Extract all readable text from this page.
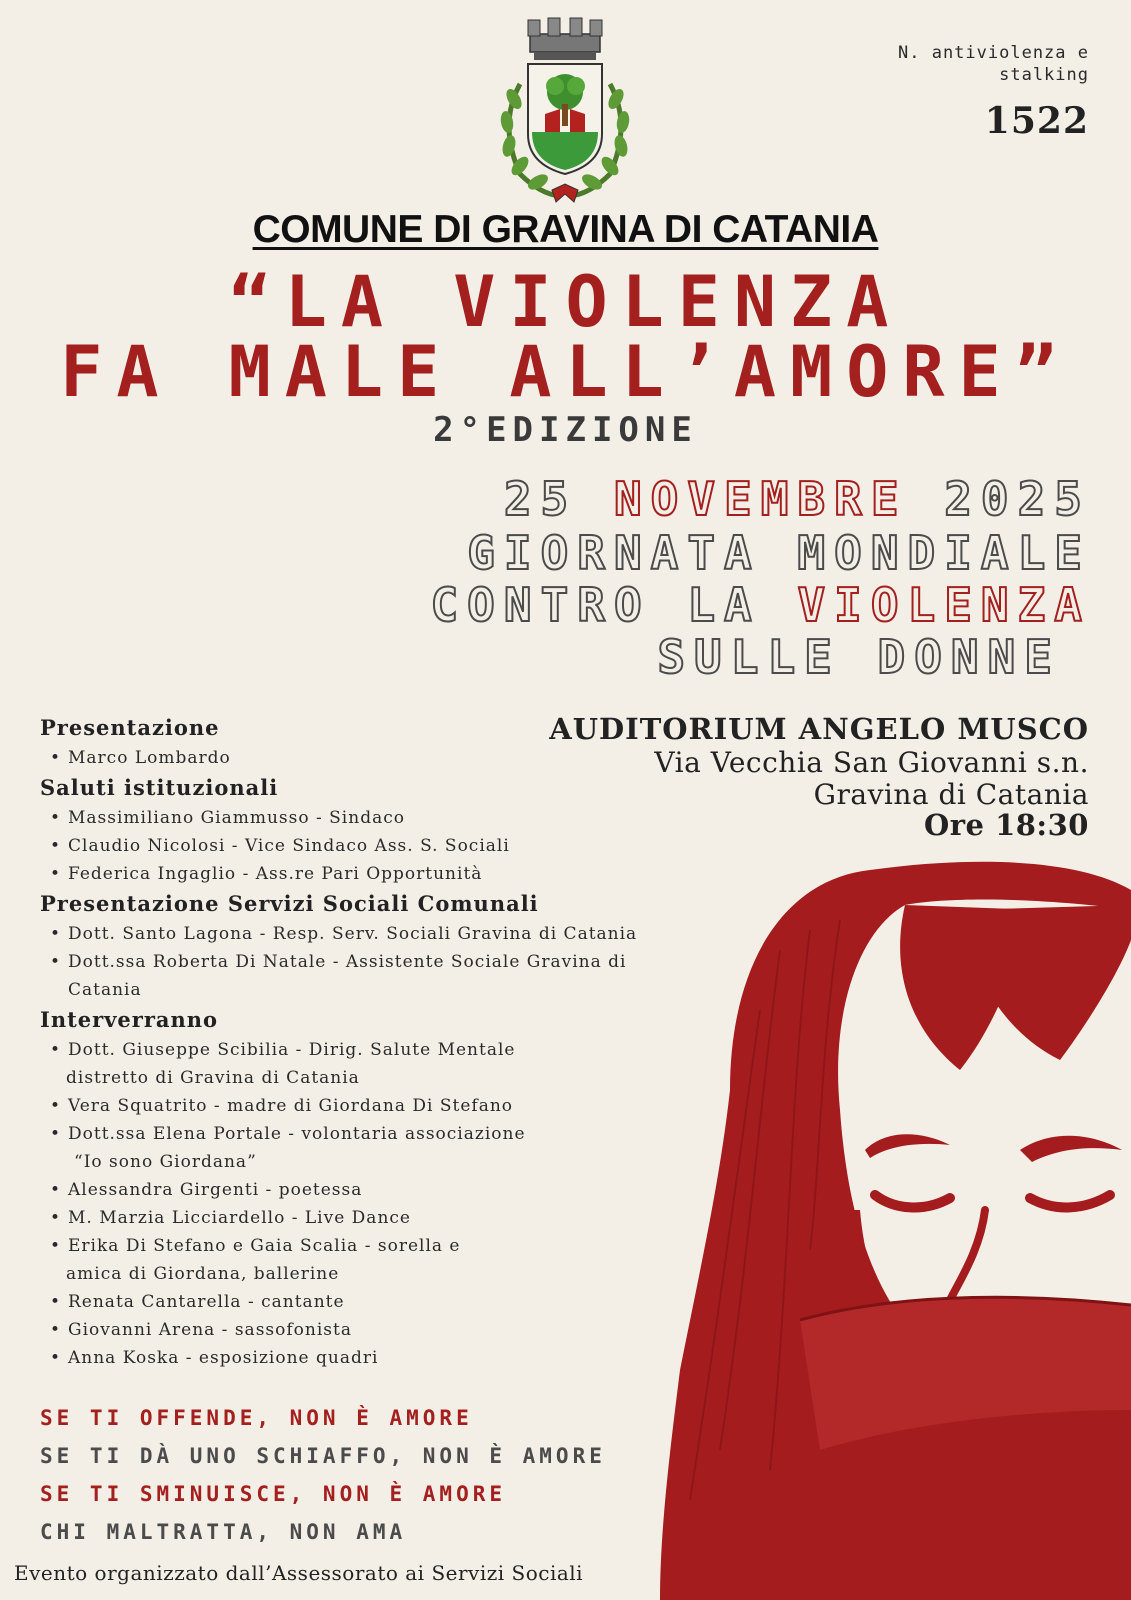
N. antiviolenza e
stalking
1522
COMUNE DI GRAVINA DI CATANIA
“LA VIOLENZA
FA MALE ALL’AMORE”
2°EDIZIONE
25 NOVEMBRE 2025
GIORNATA MONDIALE
CONTRO LA VIOLENZA
SULLE DONNE
AUDITORIUM ANGELO MUSCO
Via Vecchia San Giovanni s.n.
Gravina di Catania
Ore 18:30
Presentazione
• Marco Lombardo
Saluti istituzionali
• Massimiliano Giammusso - Sindaco
• Claudio Nicolosi - Vice Sindaco Ass. S. Sociali
• Federica Ingaglio - Ass.re Pari Opportunità
Presentazione Servizi Sociali Comunali
• Dott. Santo Lagona - Resp. Serv. Sociali Gravina di Catania
• Dott.ssa Roberta Di Natale - Assistente Sociale Gravina di
Catania
Interverranno
• Dott. Giuseppe Scibilia - Dirig. Salute Mentale
distretto di Gravina di Catania
• Vera Squatrito - madre di Giordana Di Stefano
• Dott.ssa Elena Portale - volontaria associazione
“Io sono Giordana”
• Alessandra Girgenti - poetessa
• M. Marzia Licciardello - Live Dance
• Erika Di Stefano e Gaia Scalia - sorella e
amica di Giordana, ballerine
• Renata Cantarella - cantante
• Giovanni Arena - sassofonista
• Anna Koska - esposizione quadri
SE TI OFFENDE, NON È AMORE
SE TI DÀ UNO SCHIAFFO, NON È AMORE
SE TI SMINUISCE, NON È AMORE
CHI MALTRATTA, NON AMA
Evento organizzato dall’Assessorato ai Servizi Sociali
